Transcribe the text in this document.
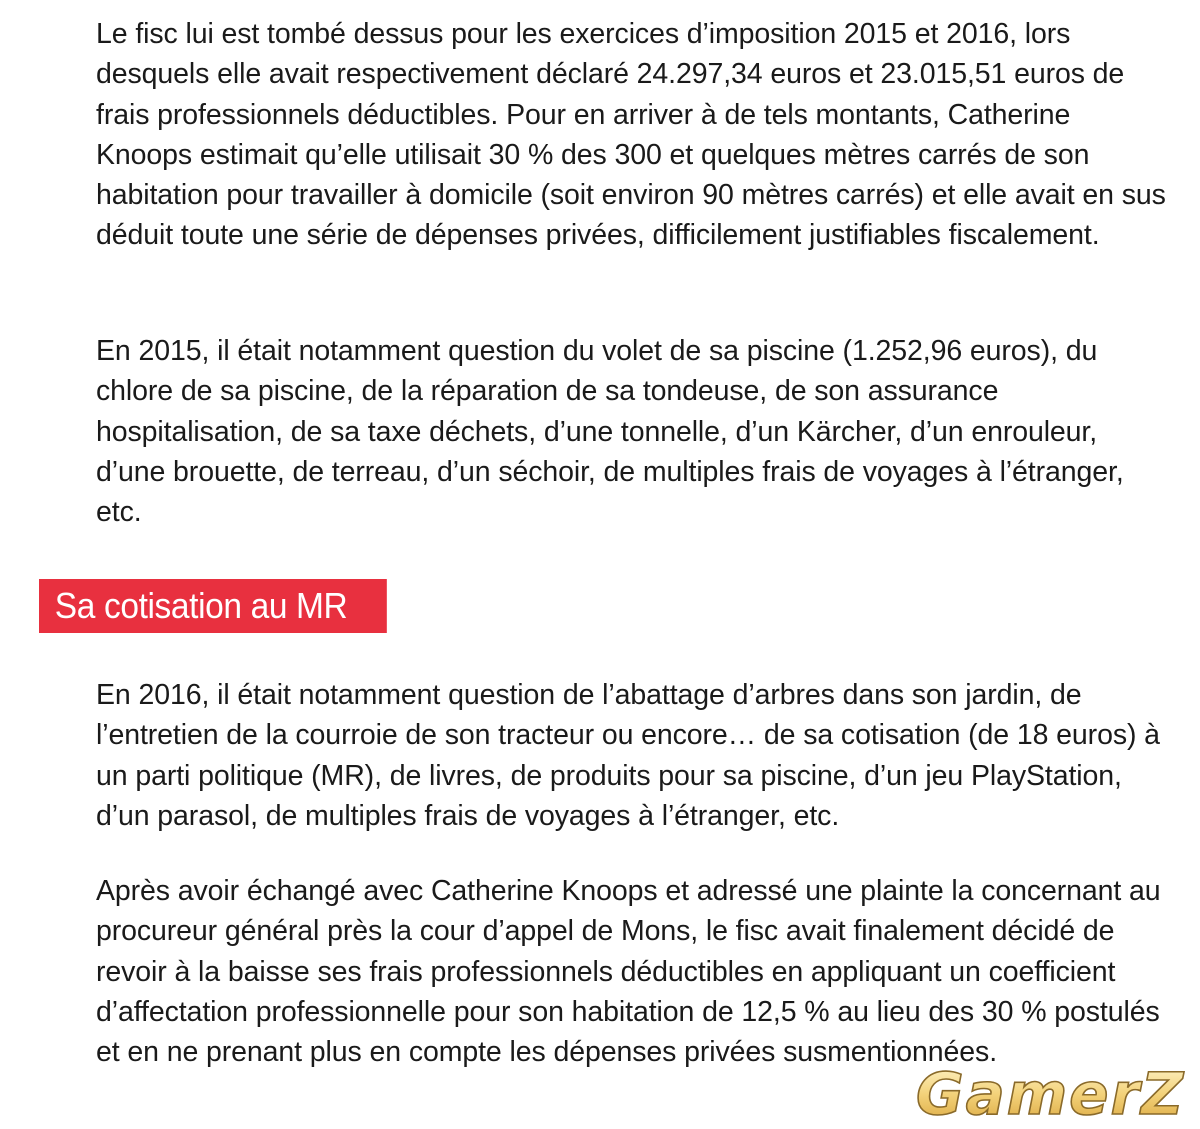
Le fisc lui est tombé dessus pour les exercices d’imposition 2015 et 2016, lors desquels elle avait respectivement déclaré 24.297,34 euros et 23.015,51 euros de frais professionnels déductibles. Pour en arriver à de tels montants, Catherine Knoops estimait qu’elle utilisait 30 % des 300 et quelques mètres carrés de son habitation pour travailler à domicile (soit environ 90 mètres carrés) et elle avait en sus déduit toute une série de dépenses privées, difficilement justifiables fiscalement.

En 2015, il était notamment question du volet de sa piscine (1.252,96 euros), du chlore de sa piscine, de la réparation de sa tondeuse, de son assurance hospitalisation, de sa taxe déchets, d’une tonnelle, d’un Kärcher, d’un enrouleur, d’une brouette, de terreau, d’un séchoir, de multiples frais de voyages à l’étranger, etc.

Sa cotisation au MR

En 2016, il était notamment question de l’abattage d’arbres dans son jardin, de l’entretien de la courroie de son tracteur ou encore… de sa cotisation (de 18 euros) à un parti politique (MR), de livres, de produits pour sa piscine, d’un jeu PlayStation, d’un parasol, de multiples frais de voyages à l’étranger, etc.

Après avoir échangé avec Catherine Knoops et adressé une plainte la concernant au procureur général près la cour d’appel de Mons, le fisc avait finalement décidé de revoir à la baisse ses frais professionnels déductibles en appliquant un coefficient d’affectation professionnelle pour son habitation de 12,5 % au lieu des 30 % postulés et en ne prenant plus en compte les dépenses privées susmentionnées.

GamerZ
